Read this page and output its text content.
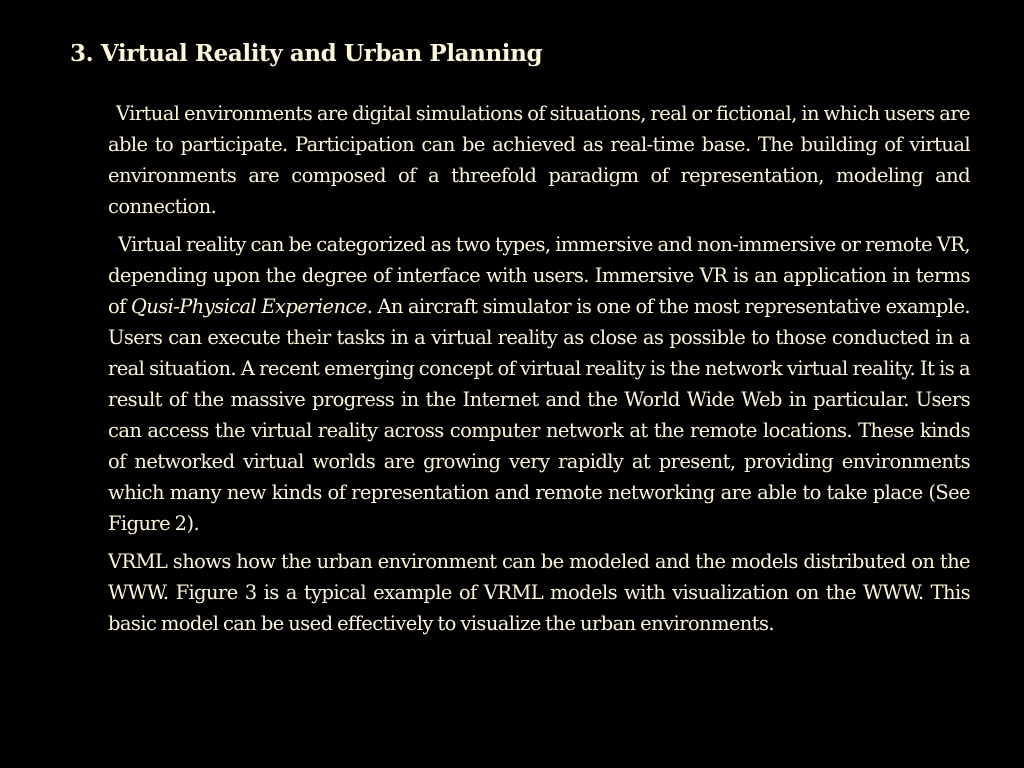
3. Virtual Reality and Urban Planning

Virtual environments are digital simulations of situations, real or fictional, in which users are able to participate. Participation can be achieved as real-time base. The building of virtual environments are composed of a threefold paradigm of representation, modeling and connection.

Virtual reality can be categorized as two types, immersive and non-immersive or remote VR, depending upon the degree of interface with users. Immersive VR is an application in terms of Qusi-Physical Experience. An aircraft simulator is one of the most representative example. Users can execute their tasks in a virtual reality as close as possible to those conducted in a real situation. A recent emerging concept of virtual reality is the network virtual reality. It is a result of the massive progress in the Internet and the World Wide Web in particular. Users can access the virtual reality across computer network at the remote locations. These kinds of networked virtual worlds are growing very rapidly at present, providing environments which many new kinds of representation and remote networking are able to take place (See Figure 2).

VRML shows how the urban environment can be modeled and the models distributed on the WWW. Figure 3 is a typical example of VRML models with visualization on the WWW. This basic model can be used effectively to visualize the urban environments.
